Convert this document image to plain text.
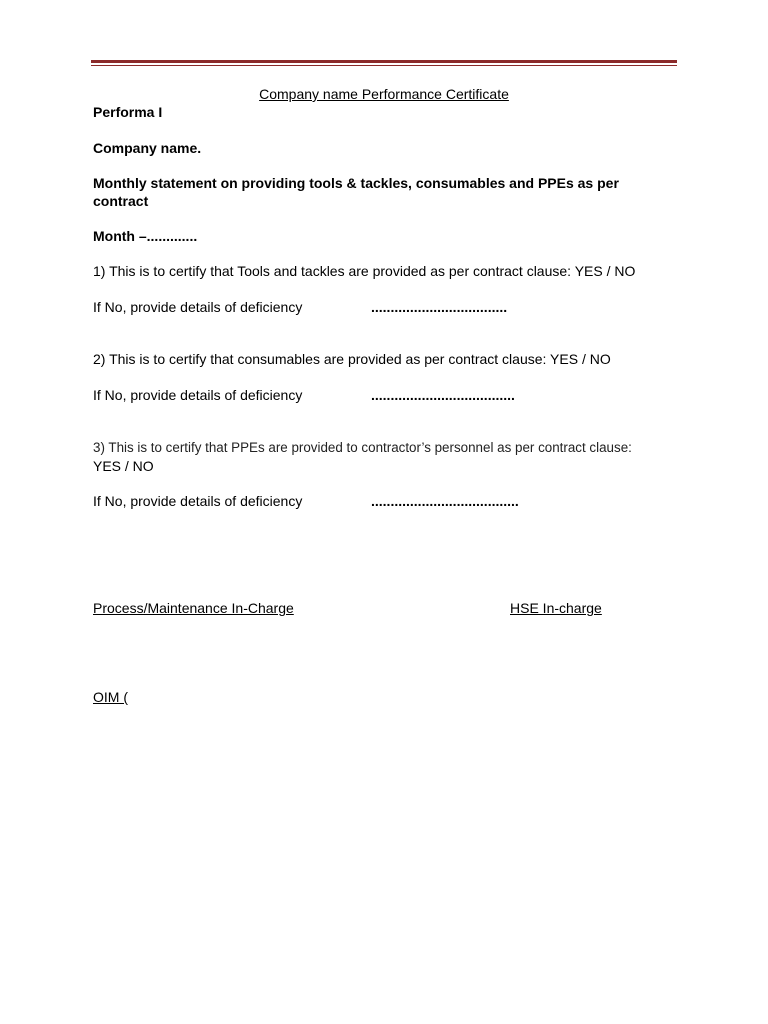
Company name Performance Certificate
Performa I
Company name.
Monthly statement on providing tools & tackles, consumables and PPEs as per contract
Month –.............
1) This is to certify that Tools and tackles are provided as per contract clause: YES / NO
If No, provide details of deficiency	...................................
2) This is to certify that consumables are provided as per contract clause: YES / NO
If No, provide details of deficiency	.....................................
3) This is to certify that PPEs are provided to contractor’s personnel as per contract clause:
YES / NO
If No, provide details of deficiency	......................................
Process/Maintenance In-Charge	HSE In-charge
OIM (
